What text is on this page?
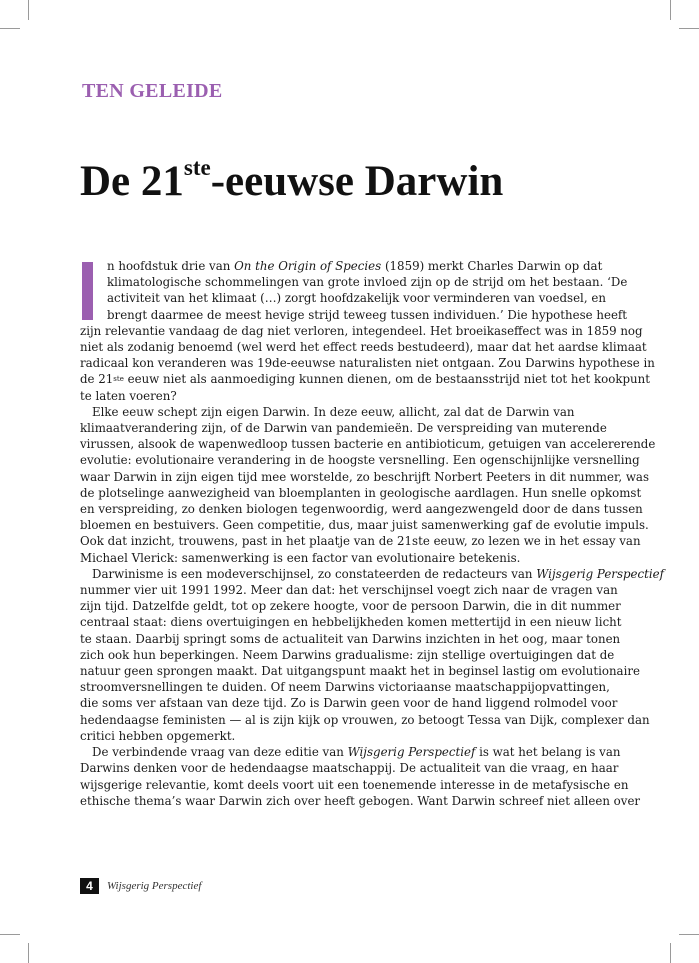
TEN GELEIDE
De 21ste-eeuwse Darwin
n hoofdstuk drie van On the Origin of Species (1859) merkt Charles Darwin op dat
klimatologische schommelingen van grote invloed zijn op de strijd om het bestaan. ‘De
activiteit van het klimaat (…) zorgt hoofdzakelijk voor verminderen van voedsel, en
brengt daarmee de meest hevige strijd teweeg tussen individuen.’ Die hypothese heeft
zijn relevantie vandaag de dag niet verloren, integendeel. Het broeikaseffect was in 1859 nog
niet als zodanig benoemd (wel werd het effect reeds bestudeerd), maar dat het aardse klimaat
radicaal kon veranderen was 19de-eeuwse naturalisten niet ontgaan. Zou Darwins hypothese in
de 21ste eeuw niet als aanmoediging kunnen dienen, om de bestaansstrijd niet tot het kookpunt
te laten voeren?
Elke eeuw schept zijn eigen Darwin. In deze eeuw, allicht, zal dat de Darwin van
klimaatverandering zijn, of de Darwin van pandemieën. De verspreiding van muterende
virussen, alsook de wapenwedloop tussen bacterie en antibioticum, getuigen van accelererende
evolutie: evolutionaire verandering in de hoogste versnelling. Een ogenschijnlijke versnelling
waar Darwin in zijn eigen tijd mee worstelde, zo beschrijft Norbert Peeters in dit nummer, was
de plotselinge aanwezigheid van bloemplanten in geologische aardlagen. Hun snelle opkomst
en verspreiding, zo denken biologen tegenwoordig, werd aangezwengeld door de dans tussen
bloemen en bestuivers. Geen competitie, dus, maar juist samenwerking gaf de evolutie impuls.
Ook dat inzicht, trouwens, past in het plaatje van de 21ste eeuw, zo lezen we in het essay van
Michael Vlerick: samenwerking is een factor van evolutionaire betekenis.
Darwinisme is een modeverschijnsel, zo constateerden de redacteurs van Wijsgerig Perspectief
nummer vier uit 1991 1992. Meer dan dat: het verschijnsel voegt zich naar de vragen van
zijn tijd. Datzelfde geldt, tot op zekere hoogte, voor de persoon Darwin, die in dit nummer
centraal staat: diens overtuigingen en hebbelijkheden komen mettertijd in een nieuw licht
te staan. Daarbij springt soms de actualiteit van Darwins inzichten in het oog, maar tonen
zich ook hun beperkingen. Neem Darwins gradualisme: zijn stellige overtuigingen dat de
natuur geen sprongen maakt. Dat uitgangspunt maakt het in beginsel lastig om evolutionaire
stroomversnellingen te duiden. Of neem Darwins victoriaanse maatschappijopvattingen,
die soms ver afstaan van deze tijd. Zo is Darwin geen voor de hand liggend rolmodel voor
hedendaagse feministen — al is zijn kijk op vrouwen, zo betoogt Tessa van Dijk, complexer dan
critici hebben opgemerkt.
De verbindende vraag van deze editie van Wijsgerig Perspectief is wat het belang is van
Darwins denken voor de hedendaagse maatschappij. De actualiteit van die vraag, en haar
wijsgerige relevantie, komt deels voort uit een toenemende interesse in de metafysische en
ethische thema’s waar Darwin zich over heeft gebogen. Want Darwin schreef niet alleen over
4	Wijsgerig Perspectief
